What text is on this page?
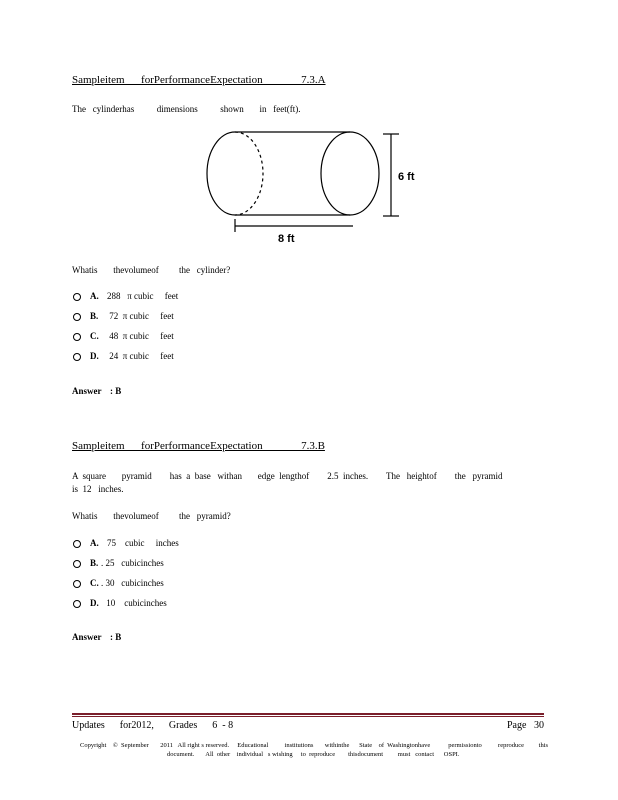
Sampleitem      forPerformanceExpectation              7.3.A
The   cylinderhas          dimensions          shown       in   feet(ft).
6 ft
8 ft
Whatis       thevolumeof         the   cylinder?
A. 288   π cubic     feet
B. 72  π cubic     feet
C. 48  π cubic     feet
D. 24  π cubic     feet
Answer : B
Sampleitem      forPerformanceExpectation              7.3.B
A  square       pyramid        has  a  base   withan       edge  lengthof        2.5  inches.        The   heightof        the   pyramid
is  12   inches.
Whatis       thevolumeof         the   pyramid?
A. 75    cubic     inches
B. . 25   cubicinches
C. . 30   cubicinches
D. 10    cubicinches
Answer : B
Updates      for2012,      Grades      6  - 8	Page   30
Copyright    ©  September       2011   All right s reserved.     Educational          institutions       withinthe      State    of  Washingtonhave           permissionto          reproduce         this
document.       All  other    individual   s wishing     to  reproduce        thisdocument         must   contact      OSPI.
